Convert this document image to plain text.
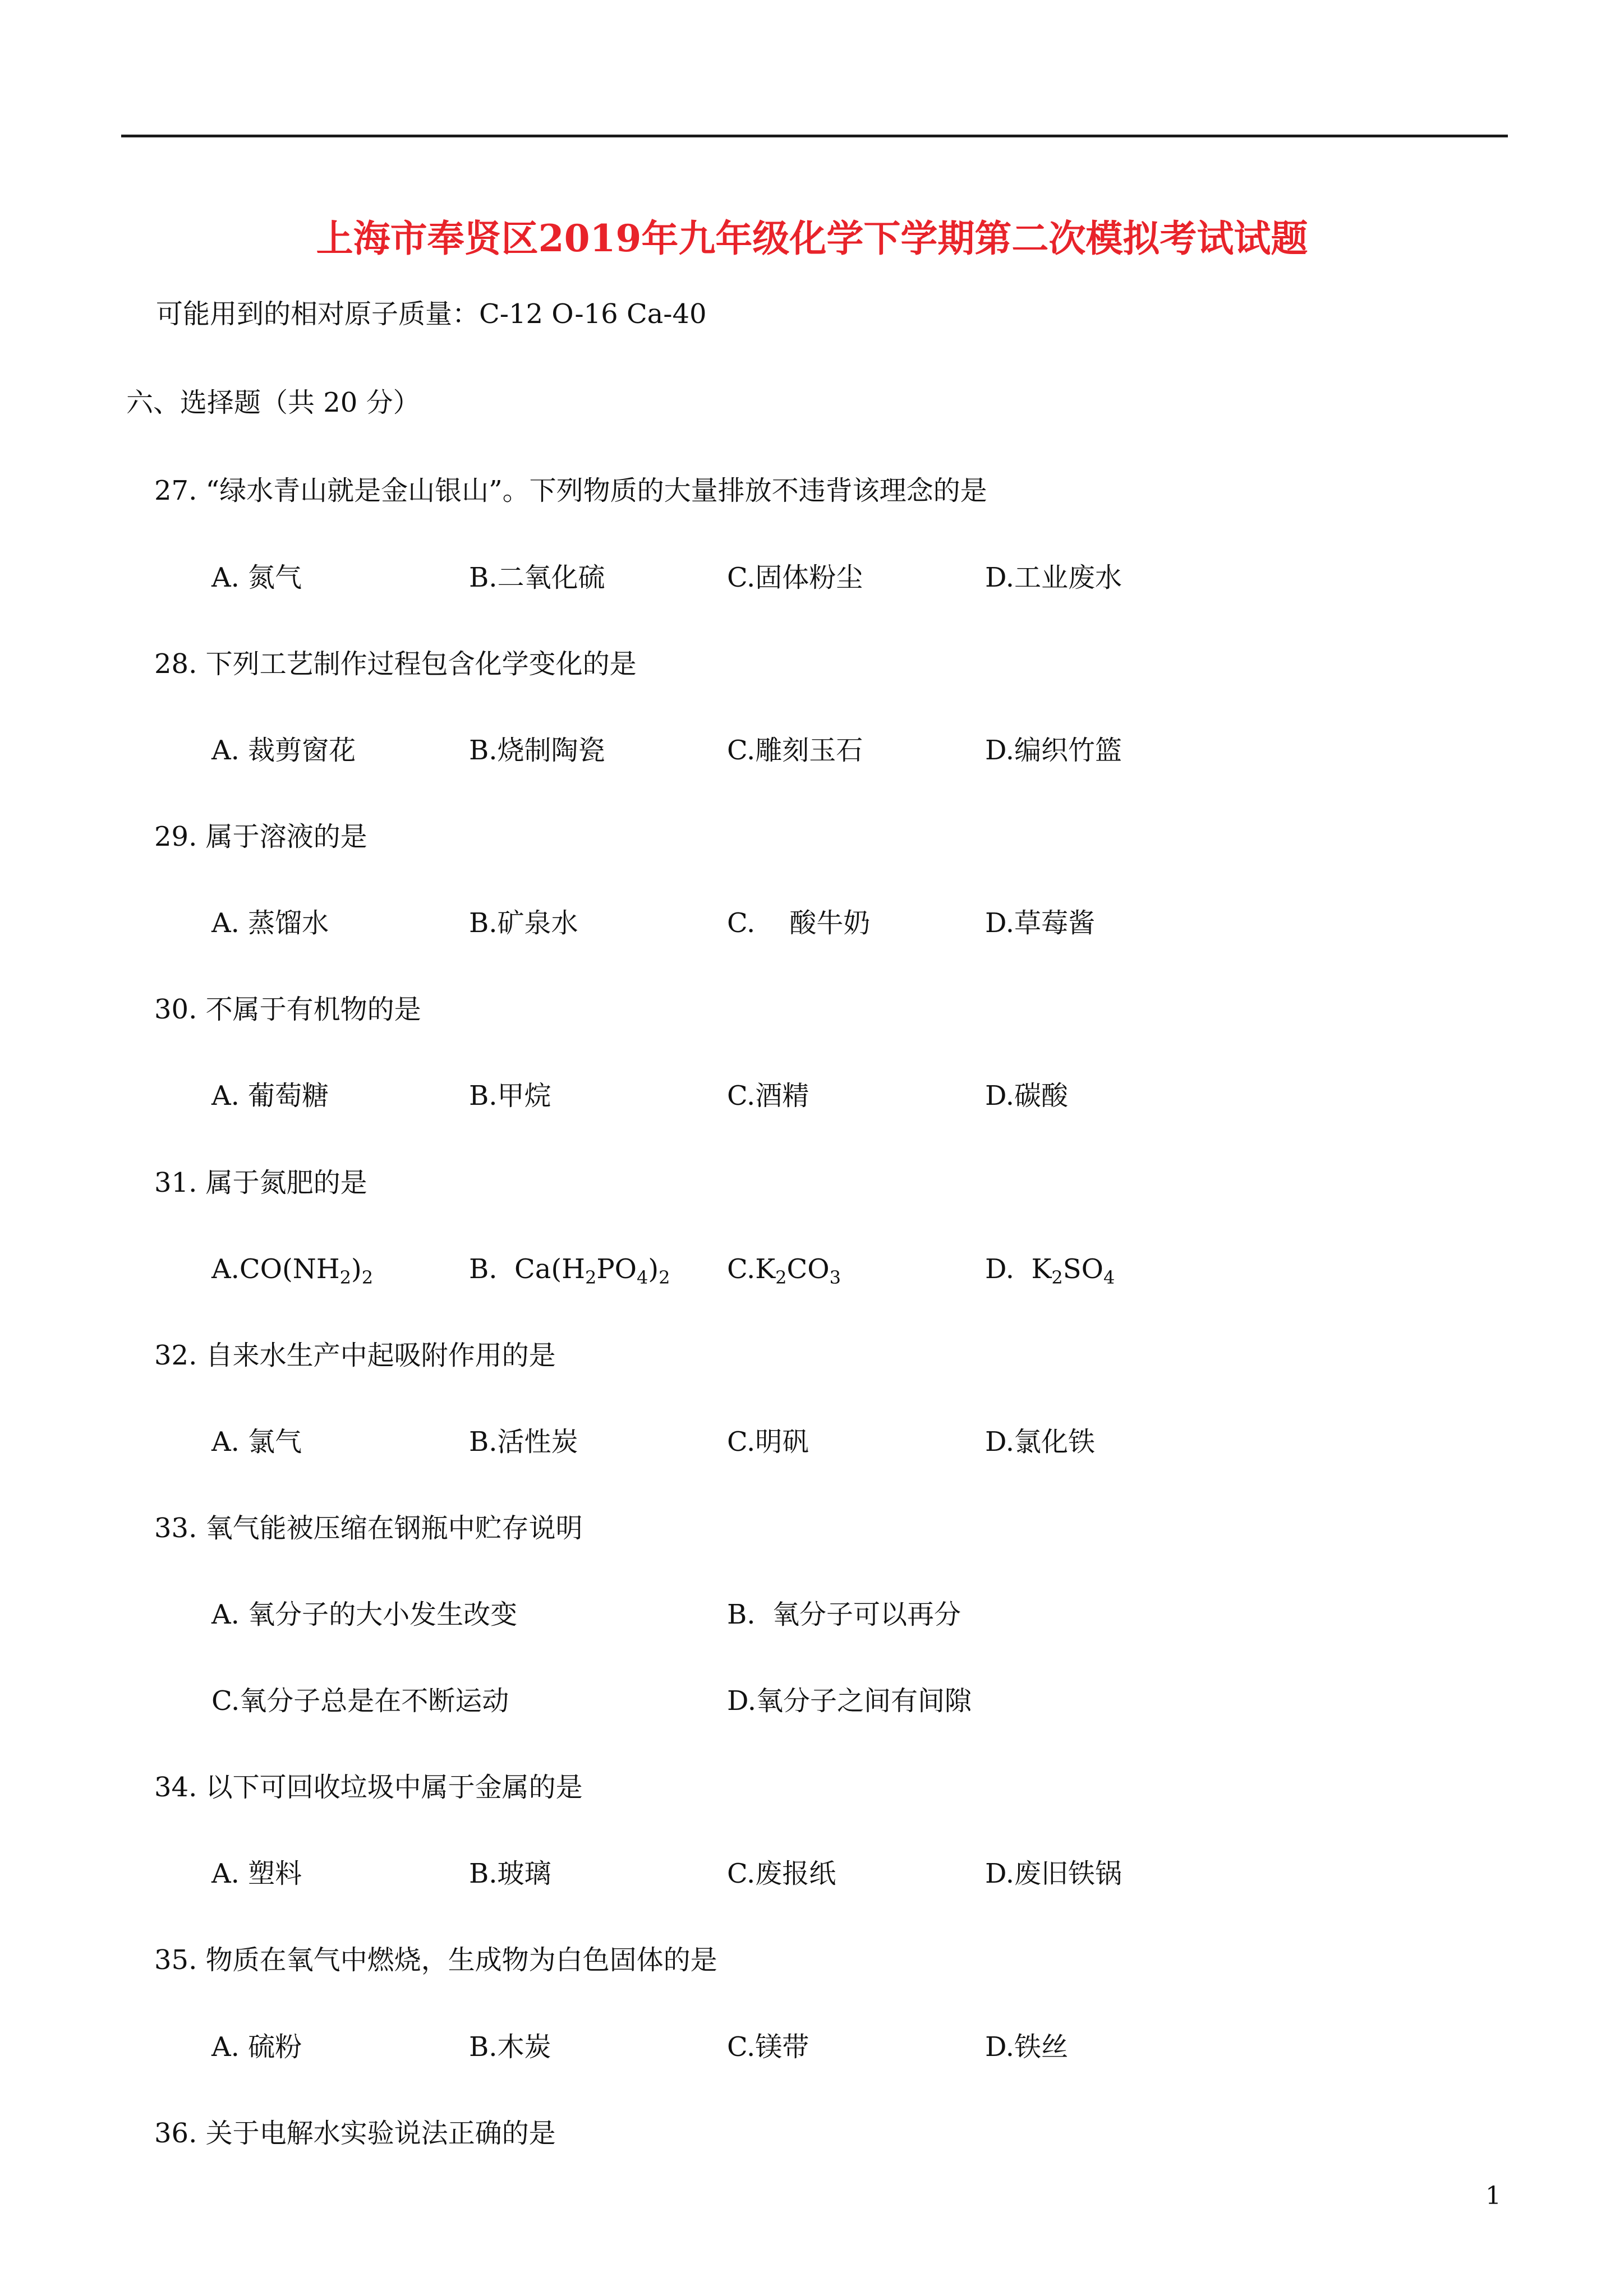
上海市奉贤区2019年九年级化学下学期第二次模拟考试试题
可能用到的相对原子质量：C-12 O-16 Ca-40
六、选择题（共 20 分）
27. “绿水青山就是金山银山”。下列物质的大量排放不违背该理念的是
A. 氮气	B.二氧化硫	C.固体粉尘	D.工业废水
28. 下列工艺制作过程包含化学变化的是
A. 裁剪窗花	B.烧制陶瓷	C.雕刻玉石	D.编织竹篮
29. 属于溶液的是
A. 蒸馏水	B.矿泉水	C.    酸牛奶	D.草莓酱
30. 不属于有机物的是
A. 葡萄糖	B.甲烷	C.酒精	D.碳酸
31. 属于氮肥的是
$A.CO(NH_2)_2$	B.  $Ca(H_2PO_4)_2$ $C.K_2CO_3$	D.  $K_2SO_4$
32. 自来水生产中起吸附作用的是
A. 氯气	B.活性炭	C.明矾	D.氯化铁
33. 氧气能被压缩在钢瓶中贮存说明
A. 氧分子的大小发生改变	B.  氧分子可以再分
C.氧分子总是在不断运动	D.氧分子之间有间隙
34. 以下可回收垃圾中属于金属的是
A. 塑料	B.玻璃	C.废报纸	D.废旧铁锅
35. 物质在氧气中燃烧，生成物为白色固体的是
A. 硫粉	B.木炭	C.镁带	D.铁丝
36. 关于电解水实验说法正确的是
1
